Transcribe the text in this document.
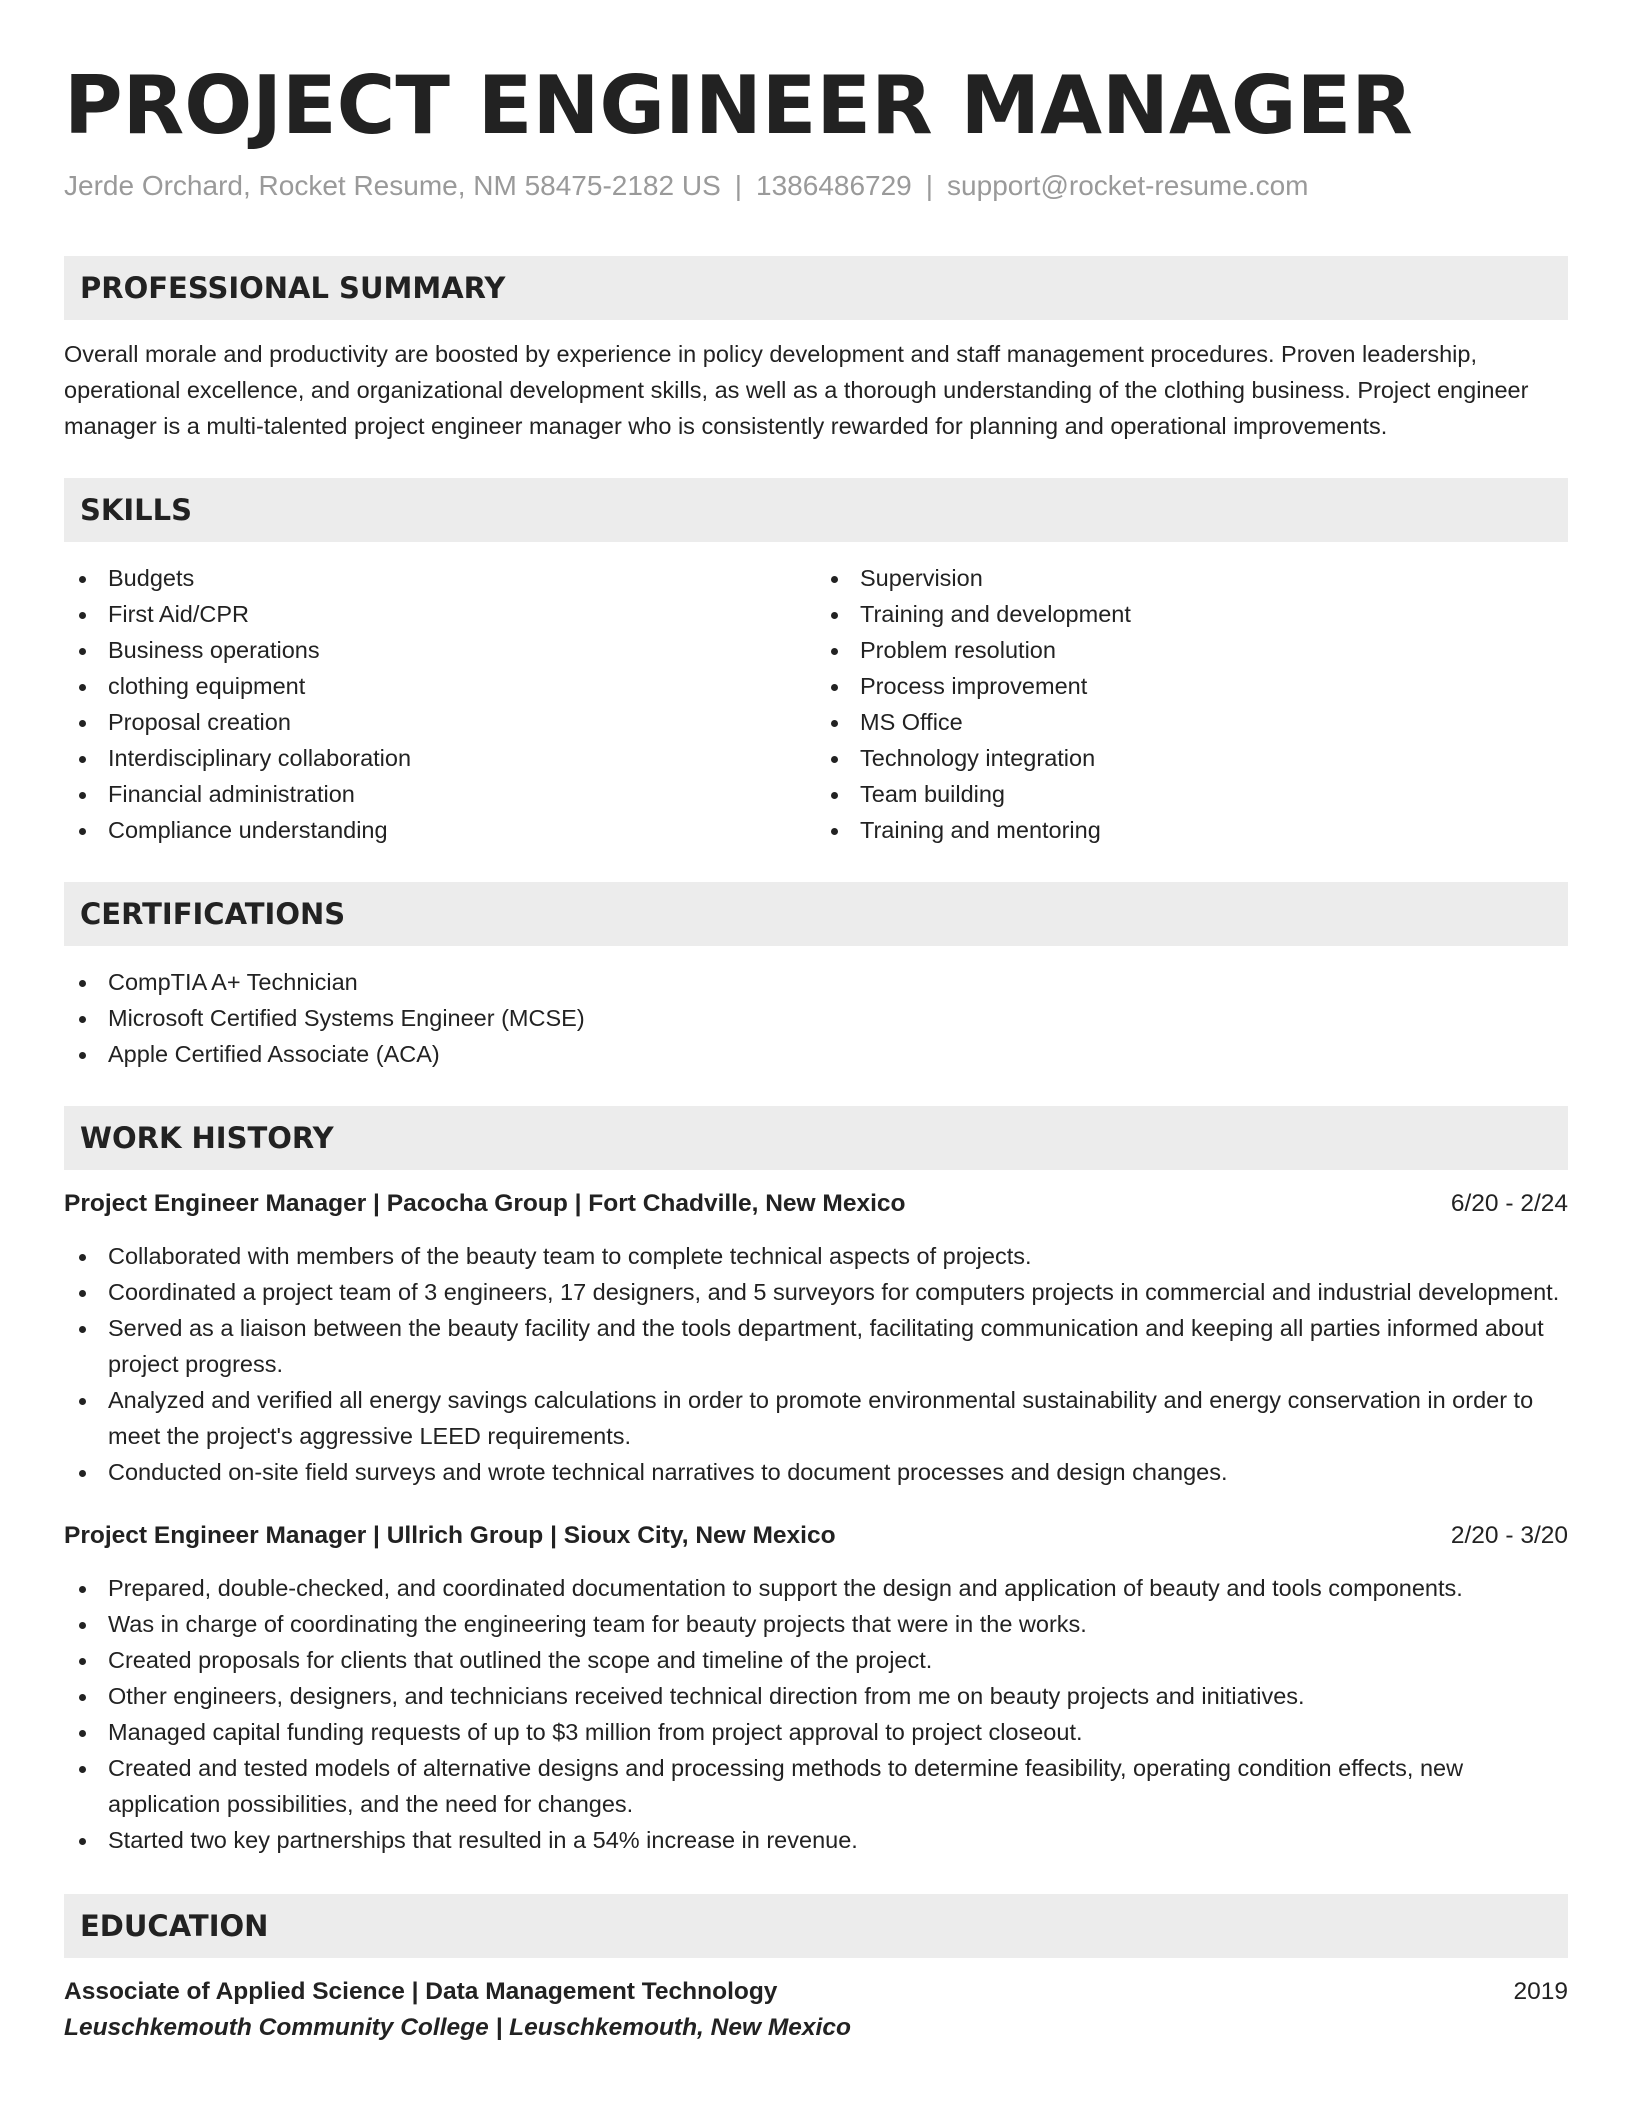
PROJECT ENGINEER MANAGER
Jerde Orchard, Rocket Resume, NM 58475-2182 US | 1386486729 | support@rocket-resume.com
PROFESSIONAL SUMMARY

Overall morale and productivity are boosted by experience in policy development and staff management procedures. Proven leadership, operational excellence, and organizational development skills, as well as a thorough understanding of the clothing business. Project engineer manager is a multi-talented project engineer manager who is consistently rewarded for planning and operational improvements.

SKILLS
Budgets
First Aid/CPR
Business operations
clothing equipment
Proposal creation
Interdisciplinary collaboration
Financial administration
Compliance understanding
Supervision
Training and development
Problem resolution
Process improvement
MS Office
Technology integration
Team building
Training and mentoring
CERTIFICATIONS
CompTIA A+ Technician
Microsoft Certified Systems Engineer (MCSE)
Apple Certified Associate (ACA)
WORK HISTORY
Project Engineer Manager | Pacocha Group | Fort Chadville, New Mexico	6/20 - 2/24
Collaborated with members of the beauty team to complete technical aspects of projects.
Coordinated a project team of 3 engineers, 17 designers, and 5 surveyors for computers projects in commercial and industrial development.
Served as a liaison between the beauty facility and the tools department, facilitating communication and keeping all parties informed about project progress.
Analyzed and verified all energy savings calculations in order to promote environmental sustainability and energy conservation in order to meet the project's aggressive LEED requirements.
Conducted on-site field surveys and wrote technical narratives to document processes and design changes.
Project Engineer Manager | Ullrich Group | Sioux City, New Mexico	2/20 - 3/20
Prepared, double-checked, and coordinated documentation to support the design and application of beauty and tools components.
Was in charge of coordinating the engineering team for beauty projects that were in the works.
Created proposals for clients that outlined the scope and timeline of the project.
Other engineers, designers, and technicians received technical direction from me on beauty projects and initiatives.
Managed capital funding requests of up to $3 million from project approval to project closeout.
Created and tested models of alternative designs and processing methods to determine feasibility, operating condition effects, new application possibilities, and the need for changes.
Started two key partnerships that resulted in a 54% increase in revenue.
EDUCATION
Associate of Applied Science | Data Management Technology	2019
Leuschkemouth Community College | Leuschkemouth, New Mexico
